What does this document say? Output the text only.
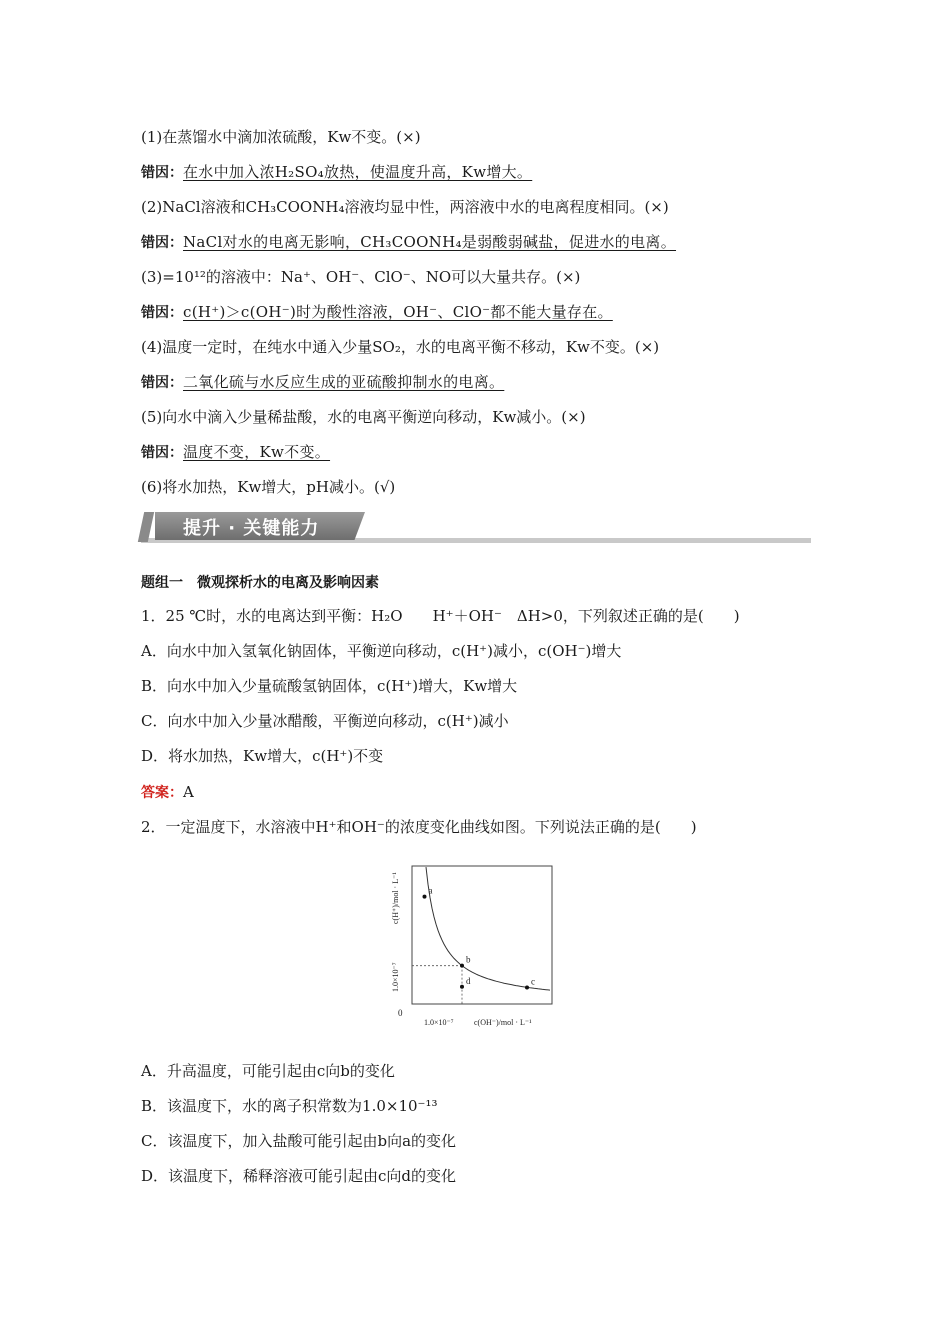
(1)在蒸馏水中滴加浓硫酸，Kw不变。(×)
错因：在水中加入浓H₂SO₄放热，使温度升高，Kw增大。
(2)NaCl溶液和CH₃COONH₄溶液均显中性，两溶液中水的电离程度相同。(×)
错因：NaCl对水的电离无影响，CH₃COONH₄是弱酸弱碱盐，促进水的电离。
(3)=10¹²的溶液中：Na⁺、OH⁻、ClO⁻、NO可以大量共存。(×)
错因：c(H⁺)＞c(OH⁻)时为酸性溶液，OH⁻、ClO⁻都不能大量存在。
(4)温度一定时，在纯水中通入少量SO₂，水的电离平衡不移动，Kw不变。(×)
错因：二氧化硫与水反应生成的亚硫酸抑制水的电离。
(5)向水中滴入少量稀盐酸，水的电离平衡逆向移动，Kw减小。(×)
错因：温度不变，Kw不变。
(6)将水加热，Kw增大，pH减小。(√)
提升 · 关键能力
题组一　微观探析水的电离及影响因素
1．25 ℃时，水的电离达到平衡：H₂O　　H⁺＋OH⁻　ΔH>0，下列叙述正确的是(　　)
A．向水中加入氢氧化钠固体，平衡逆向移动，c(H⁺)减小，c(OH⁻)增大
B．向水中加入少量硫酸氢钠固体，c(H⁺)增大，Kw增大
C．向水中加入少量冰醋酸，平衡逆向移动，c(H⁺)减小
D．将水加热，Kw增大，c(H⁺)不变
答案：A
2．一定温度下，水溶液中H⁺和OH⁻的浓度变化曲线如图。下列说法正确的是(　　)
a
b
c
d
0
1.0×10⁻⁷	c(OH⁻)/mol · L⁻¹
1.0×10⁻⁷
c(H⁺)/mol · L⁻¹
A．升高温度，可能引起由c向b的变化
B．该温度下，水的离子积常数为1.0×10⁻¹³
C．该温度下，加入盐酸可能引起由b向a的变化
D．该温度下，稀释溶液可能引起由c向d的变化
